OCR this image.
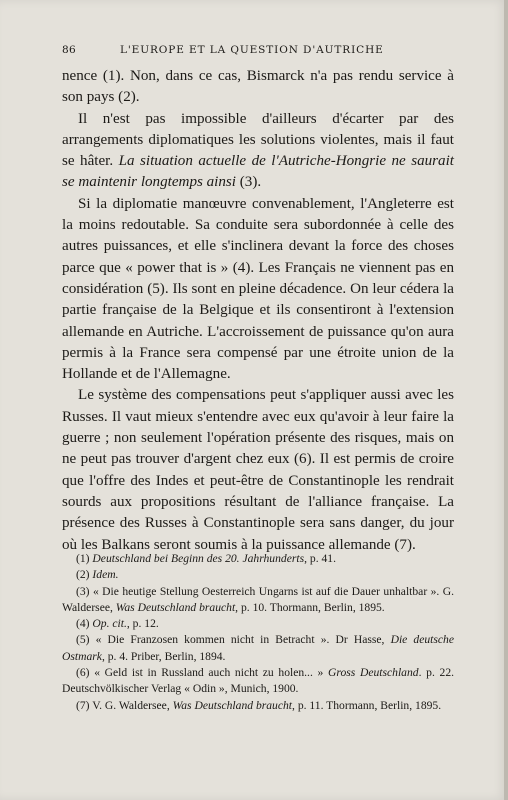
86	L'EUROPE ET LA QUESTION D'AUTRICHE

nence (1). Non, dans ce cas, Bismarck n'a pas rendu service à son pays (2).

Il n'est pas impossible d'ailleurs d'écarter par des arrangements diplomatiques les solutions violentes, mais il faut se hâter. La situation actuelle de l'Autriche-Hongrie ne saurait se maintenir longtemps ainsi (3).

Si la diplomatie manœuvre convenablement, l'Angleterre est la moins redoutable. Sa conduite sera subordonnée à celle des autres puissances, et elle s'inclinera devant la force des choses parce que « power that is » (4). Les Français ne viennent pas en considération (5). Ils sont en pleine décadence. On leur cédera la partie française de la Belgique et ils consentiront à l'extension allemande en Autriche. L'accroissement de puissance qu'on aura permis à la France sera compensé par une étroite union de la Hollande et de l'Allemagne.

Le système des compensations peut s'appliquer aussi avec les Russes. Il vaut mieux s'entendre avec eux qu'avoir à leur faire la guerre ; non seulement l'opération présente des risques, mais on ne peut pas trouver d'argent chez eux (6). Il est permis de croire que l'offre des Indes et peut-être de Constantinople les rendrait sourds aux propositions résultant de l'alliance française. La présence des Russes à Constantinople sera sans danger, du jour où les Balkans seront soumis à la puissance allemande (7).

(1) Deutschland bei Beginn des 20. Jahrhunderts, p. 41.

(2) Idem.

(3) « Die heutige Stellung Oesterreich Ungarns ist auf die Dauer unhaltbar ». G. Waldersee, Was Deutschland braucht, p. 10. Thormann, Berlin, 1895.

(4) Op. cit., p. 12.

(5) « Die Franzosen kommen nicht in Betracht ». Dr Hasse, Die deutsche Ostmark, p. 4. Priber, Berlin, 1894.

(6) « Geld ist in Russland auch nicht zu holen... » Gross Deutschland. p. 22. Deutschvölkischer Verlag « Odin », Munich, 1900.

(7) V. G. Waldersee, Was Deutschland braucht, p. 11. Thormann, Berlin, 1895.
